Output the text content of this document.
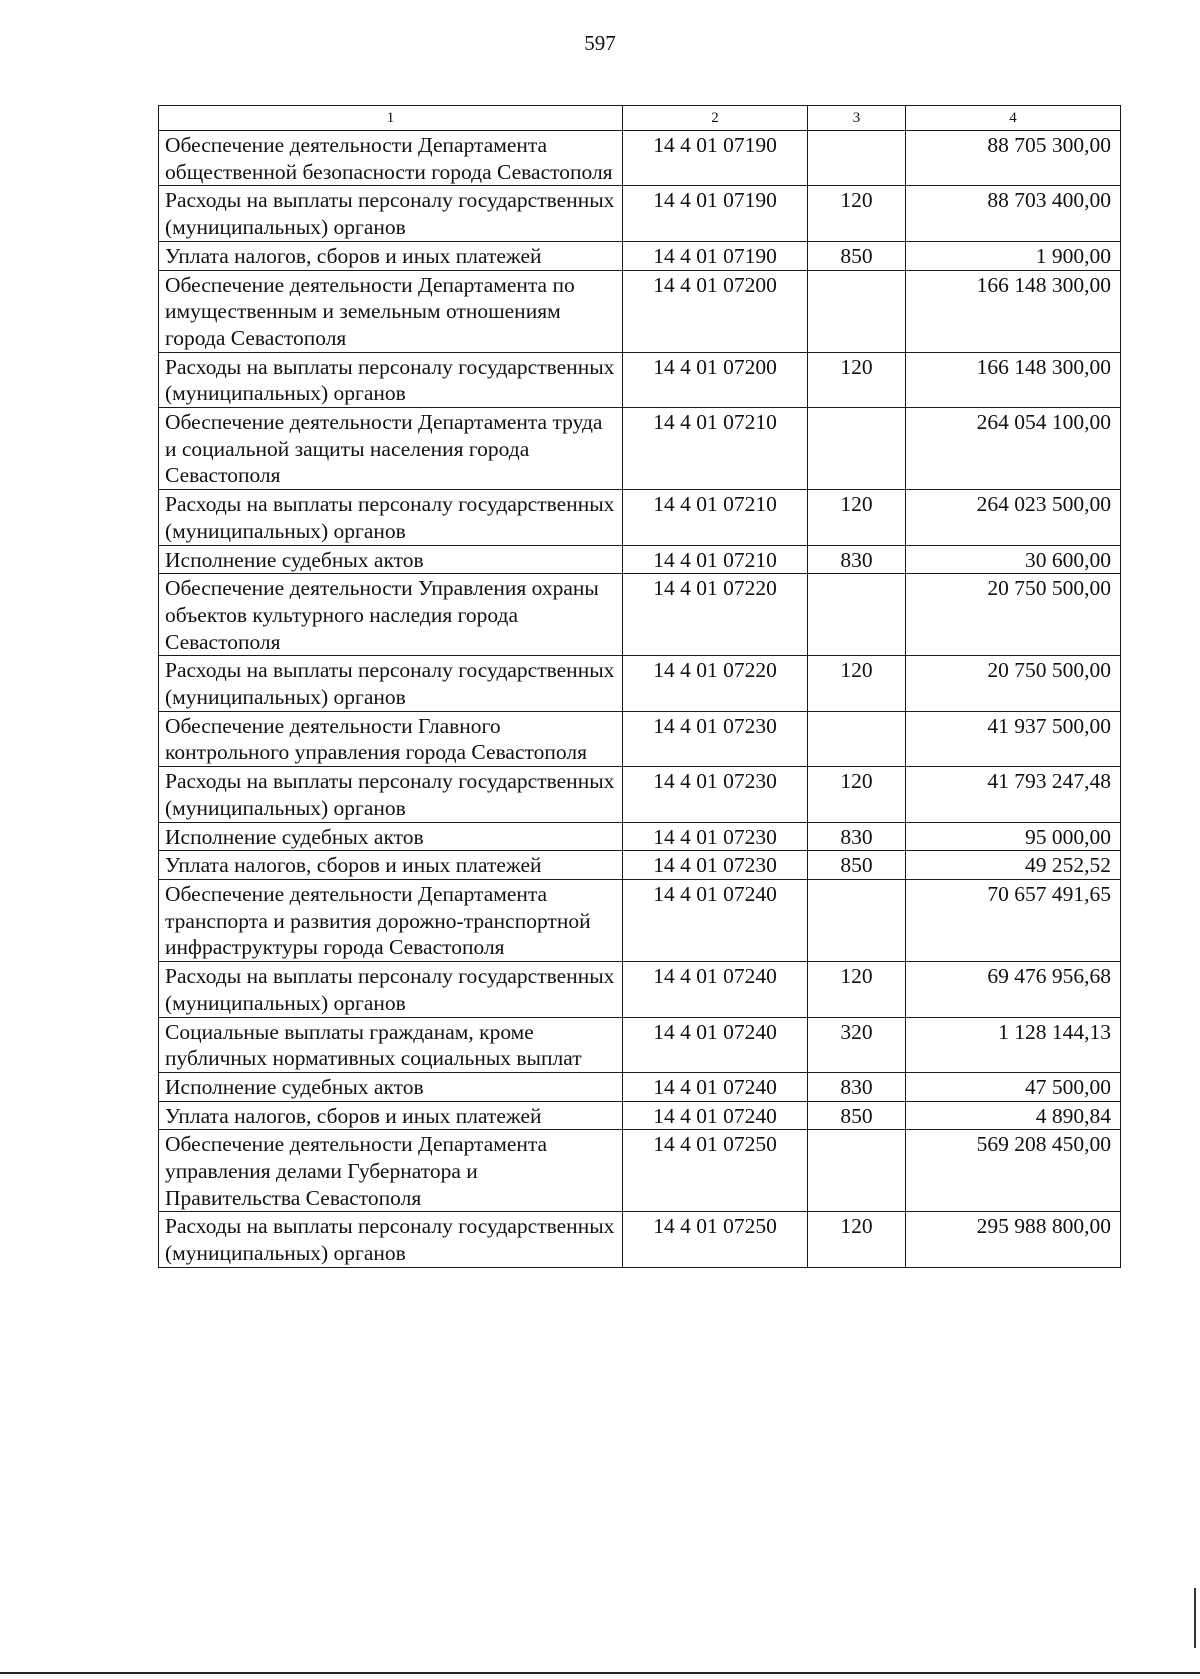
597
1	2	3	4
Обеспечение деятельности Департамента общественной безопасности города Севастополя	14 4 01 07190		88 705 300,00
Расходы на выплаты персоналу государственных (муниципальных) органов	14 4 01 07190	120	88 703 400,00
Уплата налогов, сборов и иных платежей	14 4 01 07190	850	1 900,00
Обеспечение деятельности Департамента по имущественным и земельным отношениям города Севастополя	14 4 01 07200		166 148 300,00
Расходы на выплаты персоналу государственных (муниципальных) органов	14 4 01 07200	120	166 148 300,00
Обеспечение деятельности Департамента труда и социальной защиты населения города Севастополя	14 4 01 07210		264 054 100,00
Расходы на выплаты персоналу государственных (муниципальных) органов	14 4 01 07210	120	264 023 500,00
Исполнение судебных актов	14 4 01 07210	830	30 600,00
Обеспечение деятельности Управления охраны объектов культурного наследия города Севастополя	14 4 01 07220		20 750 500,00
Расходы на выплаты персоналу государственных (муниципальных) органов	14 4 01 07220	120	20 750 500,00
Обеспечение деятельности Главного контрольного управления города Севастополя	14 4 01 07230		41 937 500,00
Расходы на выплаты персоналу государственных (муниципальных) органов	14 4 01 07230	120	41 793 247,48
Исполнение судебных актов	14 4 01 07230	830	95 000,00
Уплата налогов, сборов и иных платежей	14 4 01 07230	850	49 252,52
Обеспечение деятельности Департамента транспорта и развития дорожно-транспортной инфраструктуры города Севастополя	14 4 01 07240		70 657 491,65
Расходы на выплаты персоналу государственных (муниципальных) органов	14 4 01 07240	120	69 476 956,68
Социальные выплаты гражданам, кроме публичных нормативных социальных выплат	14 4 01 07240	320	1 128 144,13
Исполнение судебных актов	14 4 01 07240	830	47 500,00
Уплата налогов, сборов и иных платежей	14 4 01 07240	850	4 890,84
Обеспечение деятельности Департамента управления делами Губернатора и Правительства Севастополя	14 4 01 07250		569 208 450,00
Расходы на выплаты персоналу государственных (муниципальных) органов	14 4 01 07250	120	295 988 800,00
